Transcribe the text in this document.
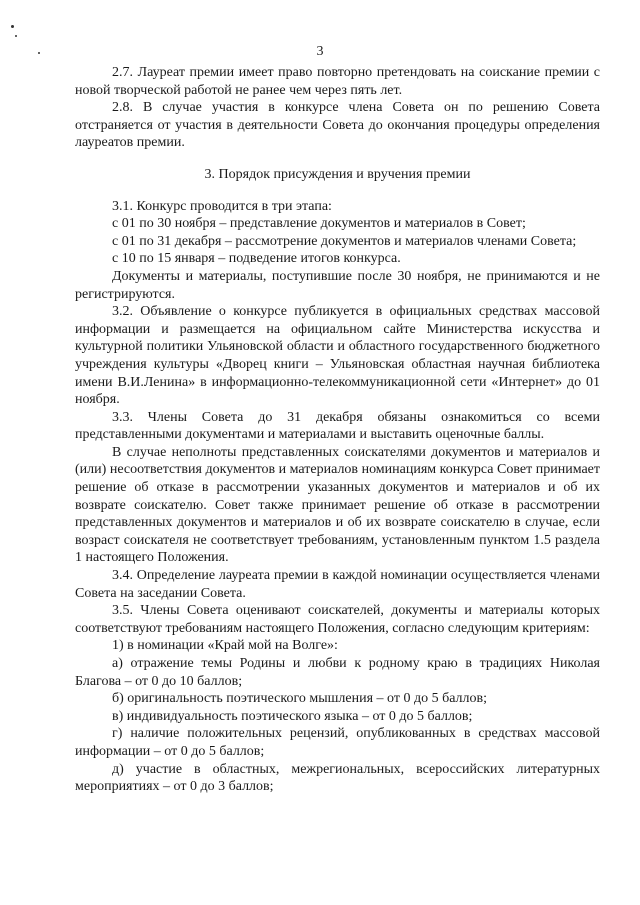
3

2.7. Лауреат премии имеет право повторно претендовать на соискание премии с новой творческой работой не ранее чем через пять лет.

2.8. В случае участия в конкурсе члена Совета он по решению Совета отстраняется от участия в деятельности Совета до окончания процедуры определения лауреатов премии.

3. Порядок присуждения и вручения премии

3.1. Конкурс проводится в три этапа:

с 01 по 30 ноября – представление документов и материалов в Совет;

с 01 по 31 декабря – рассмотрение документов и материалов членами Совета;

с 10 по 15 января – подведение итогов конкурса.

Документы и материалы, поступившие после 30 ноября, не принимаются и не регистрируются.

3.2. Объявление о конкурсе публикуется в официальных средствах массовой информации и размещается на официальном сайте Министерства искусства и культурной политики Ульяновской области и областного государственного бюджетного учреждения культуры «Дворец книги – Ульяновская областная научная библиотека имени В.И.Ленина» в информационно-телекоммуникационной сети «Интернет» до 01 ноября.

3.3. Члены Совета до 31 декабря обязаны ознакомиться со всеми представленными документами и материалами и выставить оценочные баллы.

В случае неполноты представленных соискателями документов и материалов и (или) несоответствия документов и материалов номинациям конкурса Совет принимает решение об отказе в рассмотрении указанных документов и материалов и об их возврате соискателю. Совет также принимает решение об отказе в рассмотрении представленных документов и материалов и об их возврате соискателю в случае, если возраст соискателя не соответствует требованиям, установленным пунктом 1.5 раздела 1 настоящего Положения.

3.4. Определение лауреата премии в каждой номинации осуществляется членами Совета на заседании Совета.

3.5. Члены Совета оценивают соискателей, документы и материалы которых соответствуют требованиям настоящего Положения, согласно следующим критериям:

1) в номинации «Край мой на Волге»:

а) отражение темы Родины и любви к родному краю в традициях Николая Благова – от 0 до 10 баллов;

б) оригинальность поэтического мышления – от 0 до 5 баллов;

в) индивидуальность поэтического языка – от 0 до 5 баллов;

г) наличие положительных рецензий, опубликованных в средствах массовой информации – от 0 до 5 баллов;

д) участие в областных, межрегиональных, всероссийских литературных мероприятиях – от 0 до 3 баллов;
